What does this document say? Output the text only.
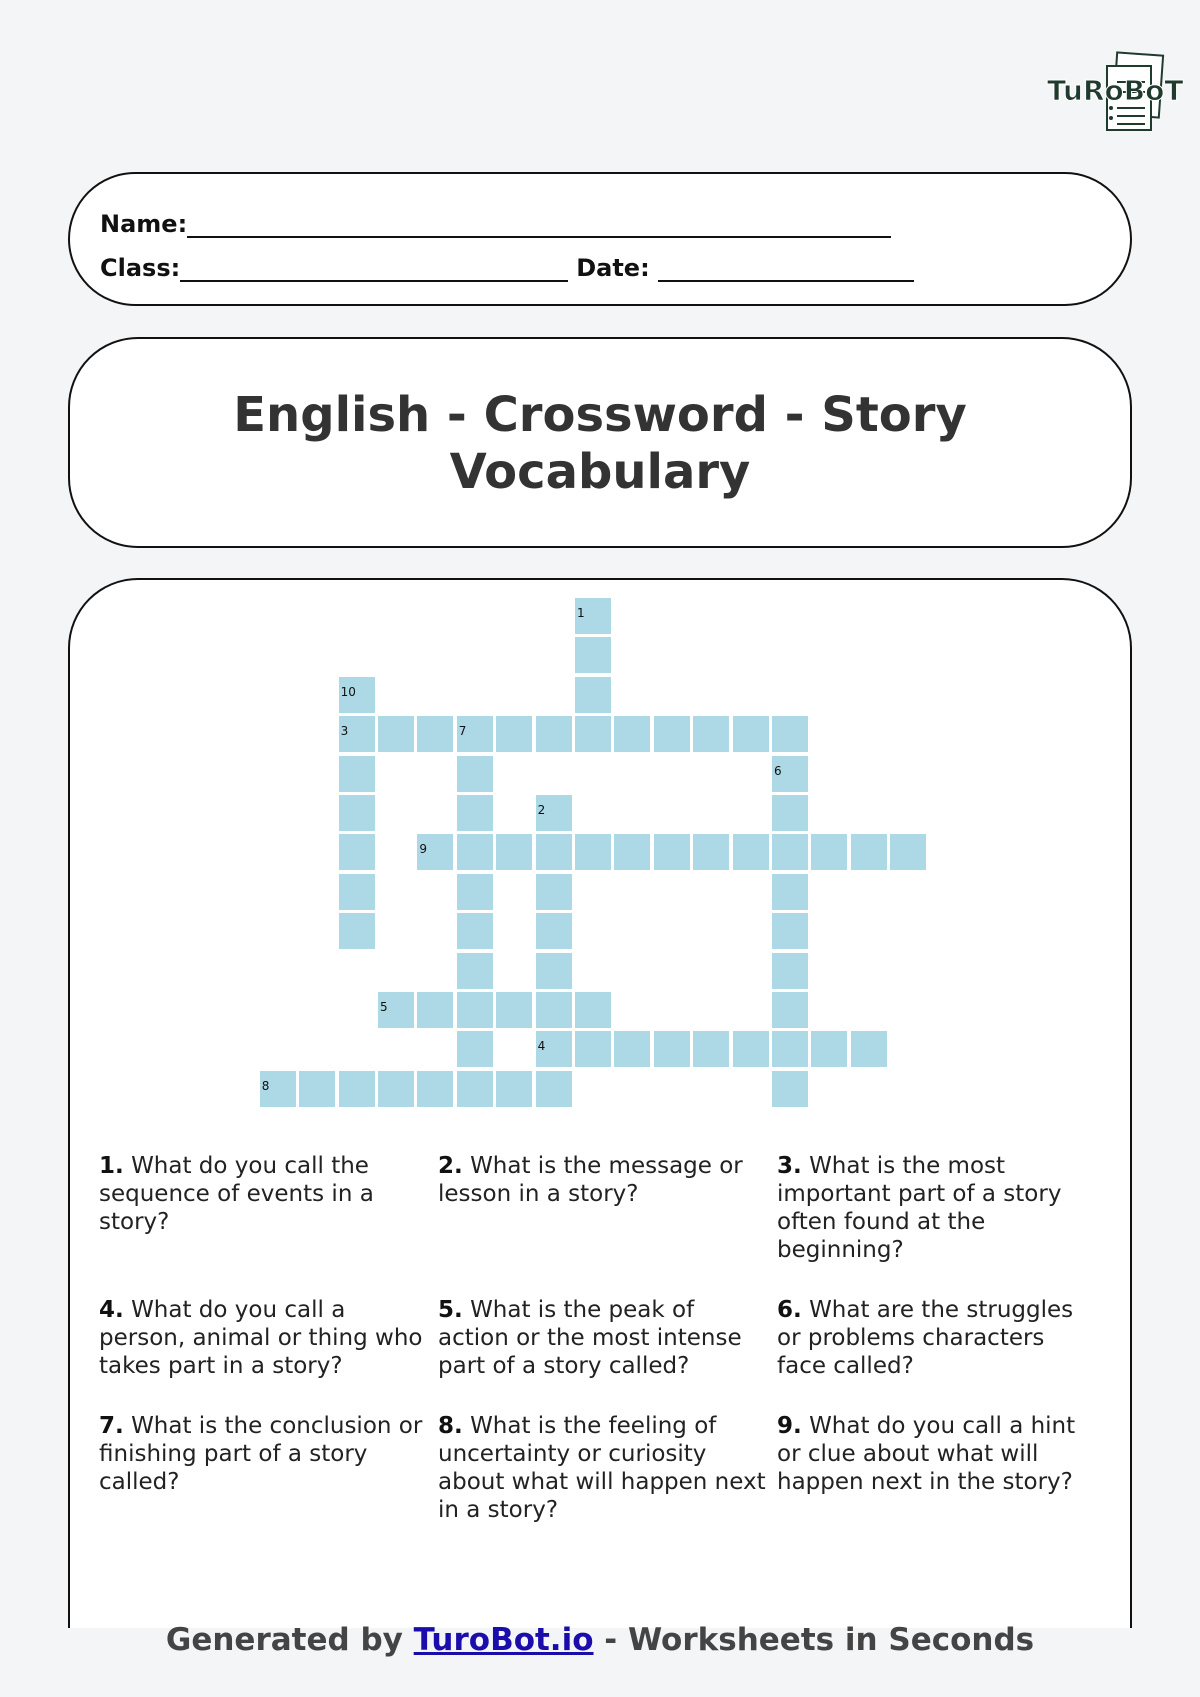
TuRoBoT
Name:
Class:	Date:
English - Crossword - Story Vocabulary
1
2
3	7
4
5
6
8
9
10
1. What do you call the sequence of events in a story?
2. What is the message or lesson in a story?
3. What is the most important part of a story often found at the beginning?
4. What do you call a person, animal or thing who takes part in a story?
5. What is the peak of action or the most intense part of a story called?
6. What are the struggles or problems characters face called?
7. What is the conclusion or finishing part of a story called?
8. What is the feeling of uncertainty or curiosity about what will happen next in a story?
9. What do you call a hint or clue about what will happen next in the story?
Generated by TuroBot.io - Worksheets in Seconds
